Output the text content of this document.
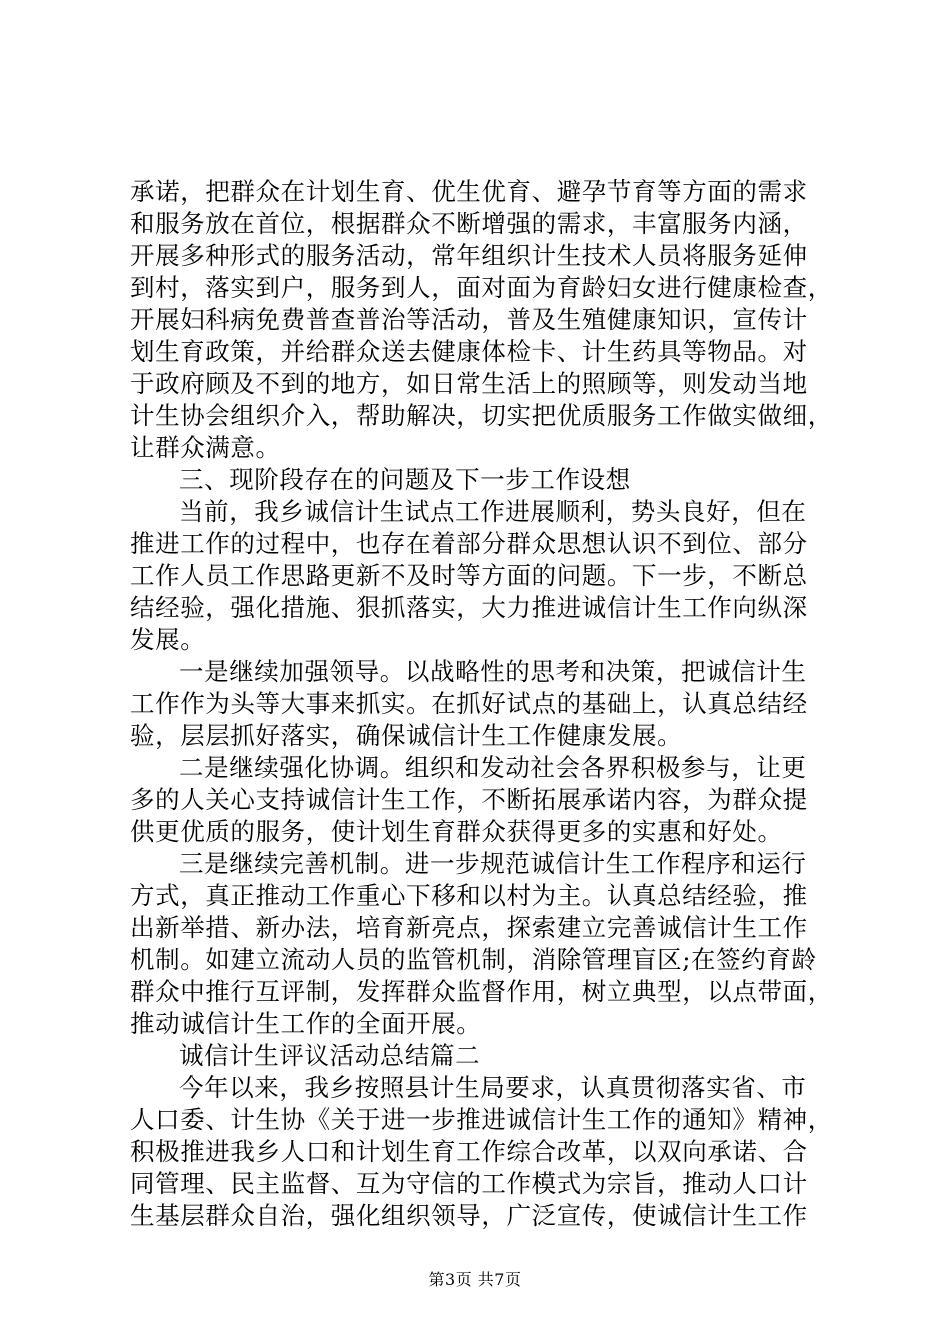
承诺，把群众在计划生育、优生优育、避孕节育等方面的需求
和服务放在首位，根据群众不断增强的需求，丰富服务内涵，
开展多种形式的服务活动，常年组织计生技术人员将服务延伸
到村，落实到户，服务到人，面对面为育龄妇女进行健康检查，
开展妇科病免费普查普治等活动，普及生殖健康知识，宣传计
划生育政策，并给群众送去健康体检卡、计生药具等物品。对
于政府顾及不到的地方，如日常生活上的照顾等，则发动当地
计生协会组织介入，帮助解决，切实把优质服务工作做实做细，
让群众满意。
三、现阶段存在的问题及下一步工作设想
当前，我乡诚信计生试点工作进展顺利，势头良好，但在
推进工作的过程中，也存在着部分群众思想认识不到位、部分
工作人员工作思路更新不及时等方面的问题。下一步，不断总
结经验，强化措施、狠抓落实，大力推进诚信计生工作向纵深
发展。
一是继续加强领导。以战略性的思考和决策，把诚信计生
工作作为头等大事来抓实。在抓好试点的基础上，认真总结经
验，层层抓好落实，确保诚信计生工作健康发展。
二是继续强化协调。组织和发动社会各界积极参与，让更
多的人关心支持诚信计生工作，不断拓展承诺内容，为群众提
供更优质的服务，使计划生育群众获得更多的实惠和好处。
三是继续完善机制。进一步规范诚信计生工作程序和运行
方式，真正推动工作重心下移和以村为主。认真总结经验，推
出新举措、新办法，培育新亮点，探索建立完善诚信计生工作
机制。如建立流动人员的监管机制，消除管理盲区;在签约育龄
群众中推行互评制，发挥群众监督作用，树立典型，以点带面，
推动诚信计生工作的全面开展。
诚信计生评议活动总结篇二
今年以来，我乡按照县计生局要求，认真贯彻落实省、市
人口委、计生协《关于进一步推进诚信计生工作的通知》精神，
积极推进我乡人口和计划生育工作综合改革，以双向承诺、合
同管理、民主监督、互为守信的工作模式为宗旨，推动人口计
生基层群众自治，强化组织领导，广泛宣传，使诚信计生工作
第3页 共7页
